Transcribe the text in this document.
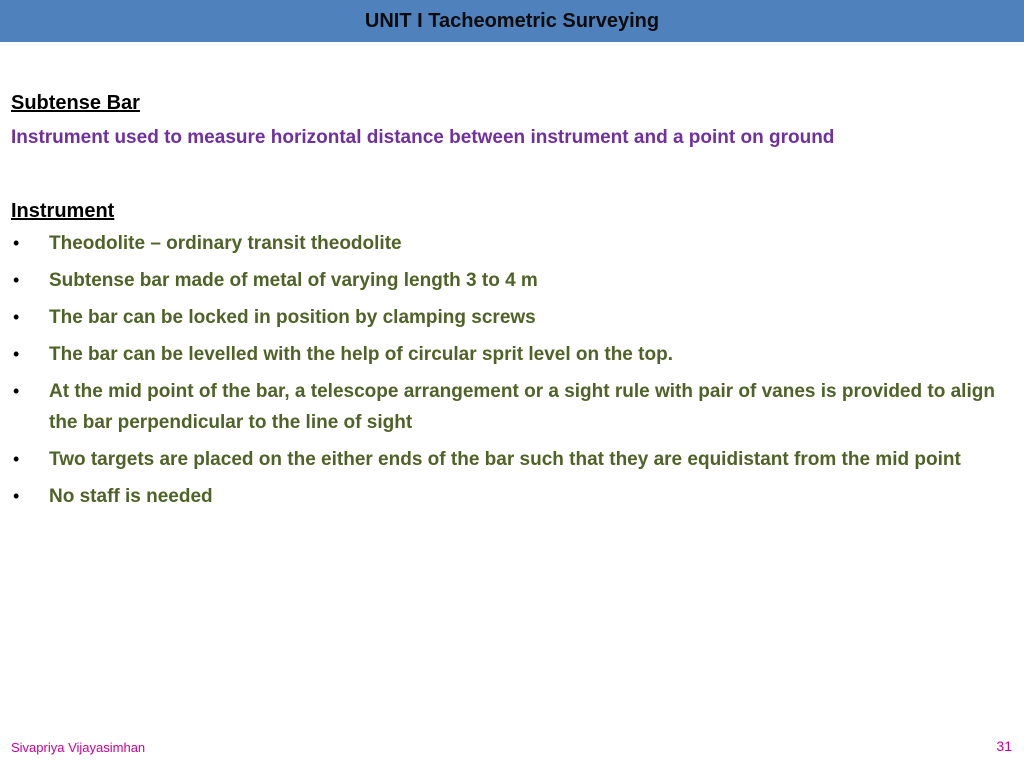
UNIT I Tacheometric Surveying

Subtense Bar

Instrument used to measure horizontal distance between instrument and a point on ground

Instrument

• Theodolite – ordinary transit theodolite
• Subtense bar made of metal of varying length 3 to 4 m
• The bar can be locked in position by clamping screws
• The bar can be levelled with the help of circular sprit level on the top.
• At the mid point of the bar, a telescope arrangement or a sight rule with pair of vanes is provided to align the bar perpendicular to the line of sight
• Two targets are placed on the either ends of the bar such that they are equidistant from the mid point
• No staff is needed
Sivapriya Vijayasimhan	31
